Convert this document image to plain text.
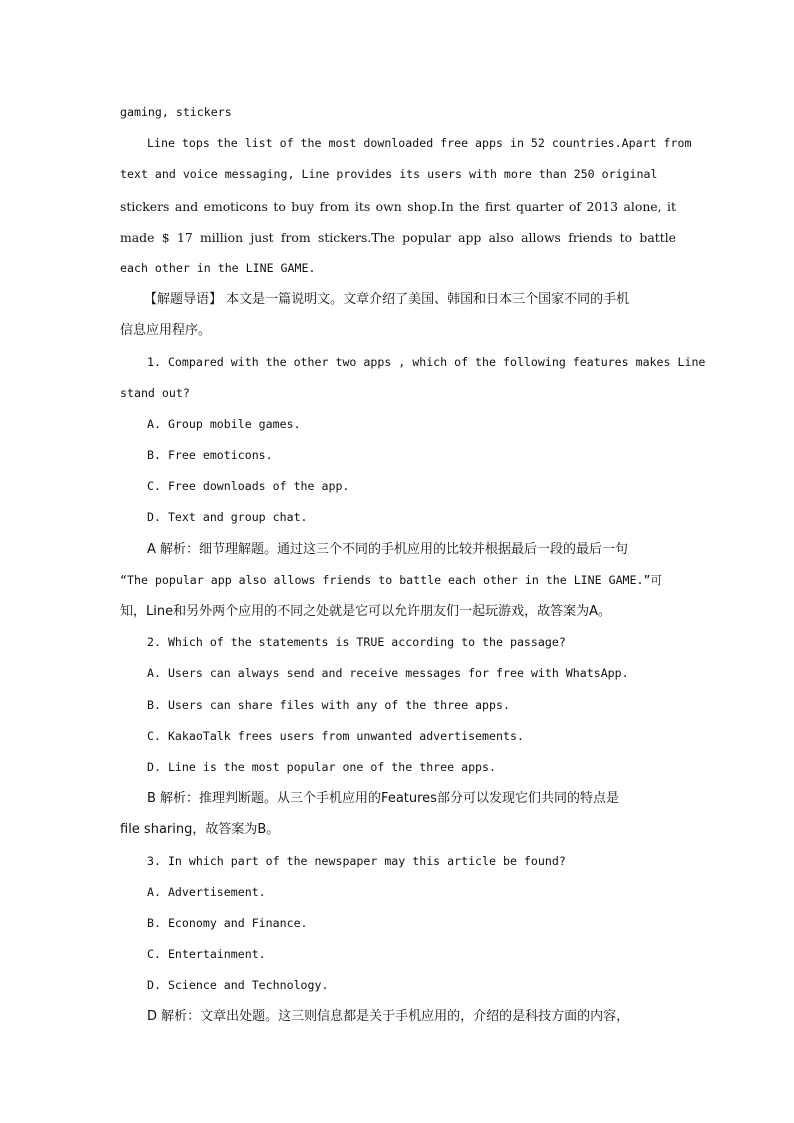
gaming, stickers
Line tops the list of the most downloaded free apps in 52 countries.Apart from
text and voice messaging, Line provides its users with more than 250 original
stickers and emoticons to buy from its own shop.In the first quarter of 2013 alone, it
made $ 17 million just from stickers.The popular app also allows friends to battle
each other in the LINE GAME.
【解题导语】 本文是一篇说明文。文章介绍了美国、韩国和日本三个国家不同的手机
信息应用程序。
1. Compared with the other two apps , which of the following features makes Line
stand out?
A. Group mobile games.
B. Free emoticons.
C. Free downloads of the app.
D. Text and group chat.
A 解析：细节理解题。通过这三个不同的手机应用的比较并根据最后一段的最后一句
“The popular app also allows friends to battle each other in the LINE GAME.”可
知，Line和另外两个应用的不同之处就是它可以允许朋友们一起玩游戏，故答案为A。
2. Which of the statements is TRUE according to the passage?
A. Users can always send and receive messages for free with WhatsApp.
B. Users can share files with any of the three apps.
C. KakaoTalk frees users from unwanted advertisements.
D. Line is the most popular one of the three apps.
B 解析：推理判断题。从三个手机应用的Features部分可以发现它们共同的特点是
file sharing，故答案为B。
3. In which part of the newspaper may this article be found?
A. Advertisement.
B. Economy and Finance.
C. Entertainment.
D. Science and Technology.
D 解析：文章出处题。这三则信息都是关于手机应用的，介绍的是科技方面的内容，
